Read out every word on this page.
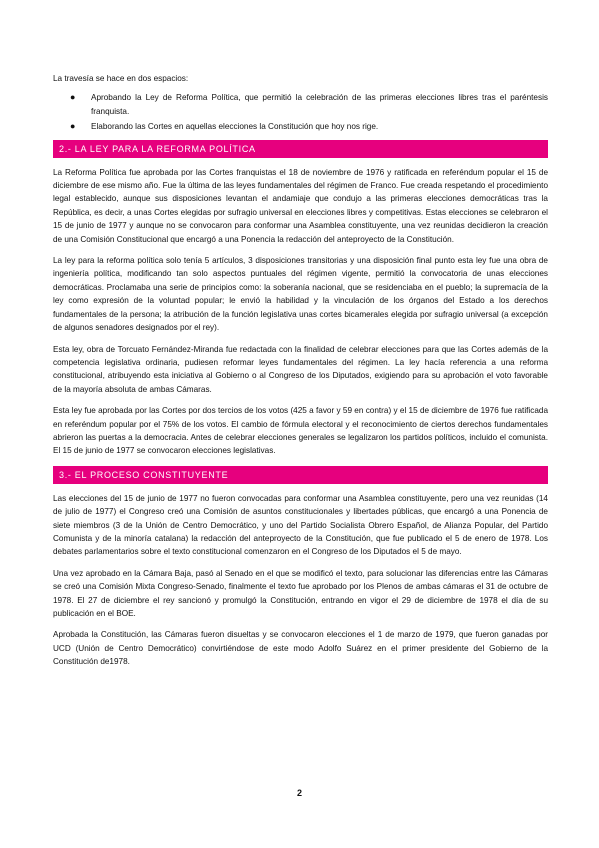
La travesía se hace en dos espacios:

● Aprobando la Ley de Reforma Política, que permitió la celebración de las primeras elecciones libres tras el paréntesis franquista.
● Elaborando las Cortes en aquellas elecciones la Constitución que hoy nos rige.
2.- LA LEY PARA LA REFORMA POLÍTICA

La Reforma Política fue aprobada por las Cortes franquistas el 18 de noviembre de 1976 y ratificada en referéndum popular el 15 de diciembre de ese mismo año. Fue la última de las leyes fundamentales del régimen de Franco. Fue creada respetando el procedimiento legal establecido, aunque sus disposiciones levantan el andamiaje que condujo a las primeras elecciones democráticas tras la República, es decir, a unas Cortes elegidas por sufragio universal en elecciones libres y competitivas. Estas elecciones se celebraron el 15 de junio de 1977 y aunque no se convocaron para conformar una Asamblea constituyente, una vez reunidas decidieron la creación de una Comisión Constitucional que encargó a una Ponencia la redacción del anteproyecto de la Constitución.

La ley para la reforma política solo tenía 5 artículos, 3 disposiciones transitorias y una disposición final punto esta ley fue una obra de ingeniería política, modificando tan solo aspectos puntuales del régimen vigente, permitió la convocatoria de unas elecciones democráticas. Proclamaba una serie de principios como: la soberanía nacional, que se residenciaba en el pueblo; la supremacía de la ley como expresión de la voluntad popular; le envió la habilidad y la vinculación de los órganos del Estado a los derechos fundamentales de la persona; la atribución de la función legislativa unas cortes bicamerales elegida por sufragio universal (a excepción de algunos senadores designados por el rey).

Esta ley, obra de Torcuato Fernández-Miranda fue redactada con la finalidad de celebrar elecciones para que las Cortes además de la competencia legislativa ordinaria, pudiesen reformar leyes fundamentales del régimen. La ley hacía referencia a una reforma constitucional, atribuyendo esta iniciativa al Gobierno o al Congreso de los Diputados, exigiendo para su aprobación el voto favorable de la mayoría absoluta de ambas Cámaras.

Esta ley fue aprobada por las Cortes por dos tercios de los votos (425 a favor y 59 en contra) y el 15 de diciembre de 1976 fue ratificada en referéndum popular por el 75% de los votos. El cambio de fórmula electoral y el reconocimiento de ciertos derechos fundamentales abrieron las puertas a la democracia. Antes de celebrar elecciones generales se legalizaron los partidos políticos, incluido el comunista. El 15 de junio de 1977 se convocaron elecciones legislativas.

3.- EL PROCESO CONSTITUYENTE

Las elecciones del 15 de junio de 1977 no fueron convocadas para conformar una Asamblea constituyente, pero una vez reunidas (14 de julio de 1977) el Congreso creó una Comisión de asuntos constitucionales y libertades públicas, que encargó a una Ponencia de siete miembros (3 de la Unión de Centro Democrático, y uno del Partido Socialista Obrero Español, de Alianza Popular, del Partido Comunista y de la minoría catalana) la redacción del anteproyecto de la Constitución, que fue publicado el 5 de enero de 1978. Los debates parlamentarios sobre el texto constitucional comenzaron en el Congreso de los Diputados el 5 de mayo.

Una vez aprobado en la Cámara Baja, pasó al Senado en el que se modificó el texto, para solucionar las diferencias entre las Cámaras se creó una Comisión Mixta Congreso-Senado, finalmente el texto fue aprobado por los Plenos de ambas cámaras el 31 de octubre de 1978. El 27 de diciembre el rey sancionó y promulgó la Constitución, entrando en vigor el 29 de diciembre de 1978 el día de su publicación en el BOE.

Aprobada la Constitución, las Cámaras fueron disueltas y se convocaron elecciones el 1 de marzo de 1979, que fueron ganadas por UCD (Unión de Centro Democrático) convirtiéndose de este modo Adolfo Suárez en el primer presidente del Gobierno de la Constitución de1978.

2
